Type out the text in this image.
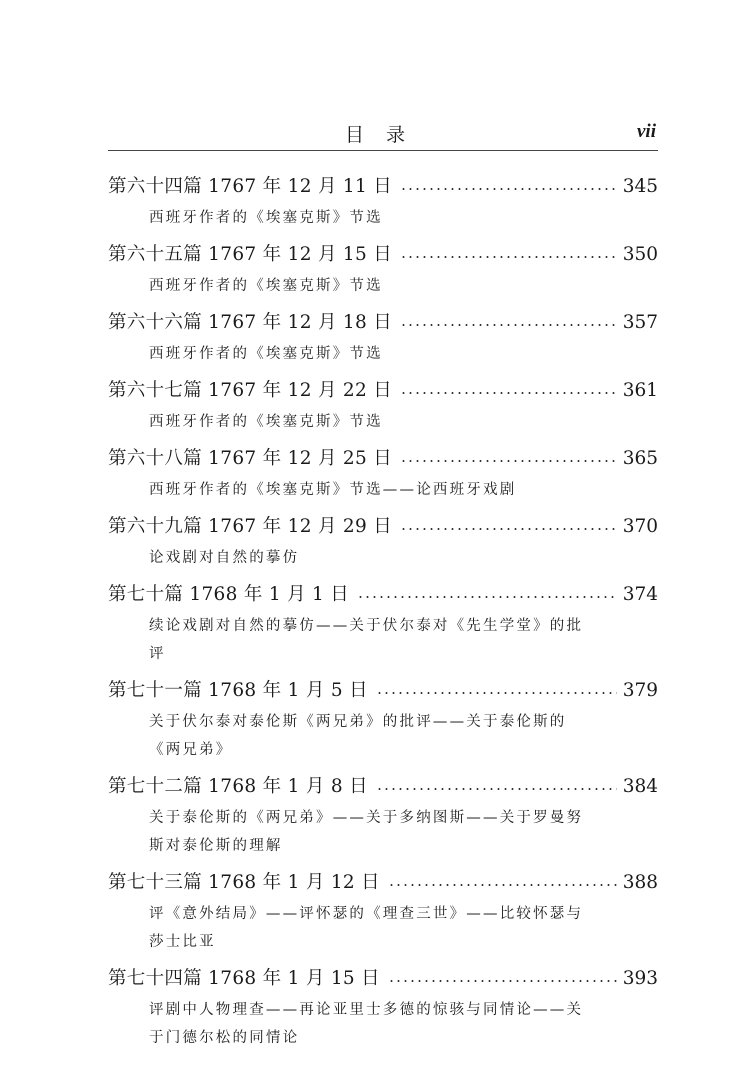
目录	vii
第六十四篇 1767 年 12 月 11 日	345
西班牙作者的《埃塞克斯》节选
第六十五篇 1767 年 12 月 15 日	350
西班牙作者的《埃塞克斯》节选
第六十六篇 1767 年 12 月 18 日	357
西班牙作者的《埃塞克斯》节选
第六十七篇 1767 年 12 月 22 日	361
西班牙作者的《埃塞克斯》节选
第六十八篇 1767 年 12 月 25 日	365
西班牙作者的《埃塞克斯》节选——论西班牙戏剧
第六十九篇 1767 年 12 月 29 日	370
论戏剧对自然的摹仿
第七十篇 1768 年 1 月 1 日	374
续论戏剧对自然的摹仿——关于伏尔泰对《先生学堂》的批评
第七十一篇 1768 年 1 月 5 日	379
关于伏尔泰对泰伦斯《两兄弟》的批评——关于泰伦斯的《两兄弟》
第七十二篇 1768 年 1 月 8 日	384
关于泰伦斯的《两兄弟》——关于多纳图斯——关于罗曼努斯对泰伦斯的理解
第七十三篇 1768 年 1 月 12 日	388
评《意外结局》——评怀瑟的《理查三世》——比较怀瑟与莎士比亚
第七十四篇 1768 年 1 月 15 日	393
评剧中人物理查——再论亚里士多德的惊骇与同情论——关于门德尔松的同情论
